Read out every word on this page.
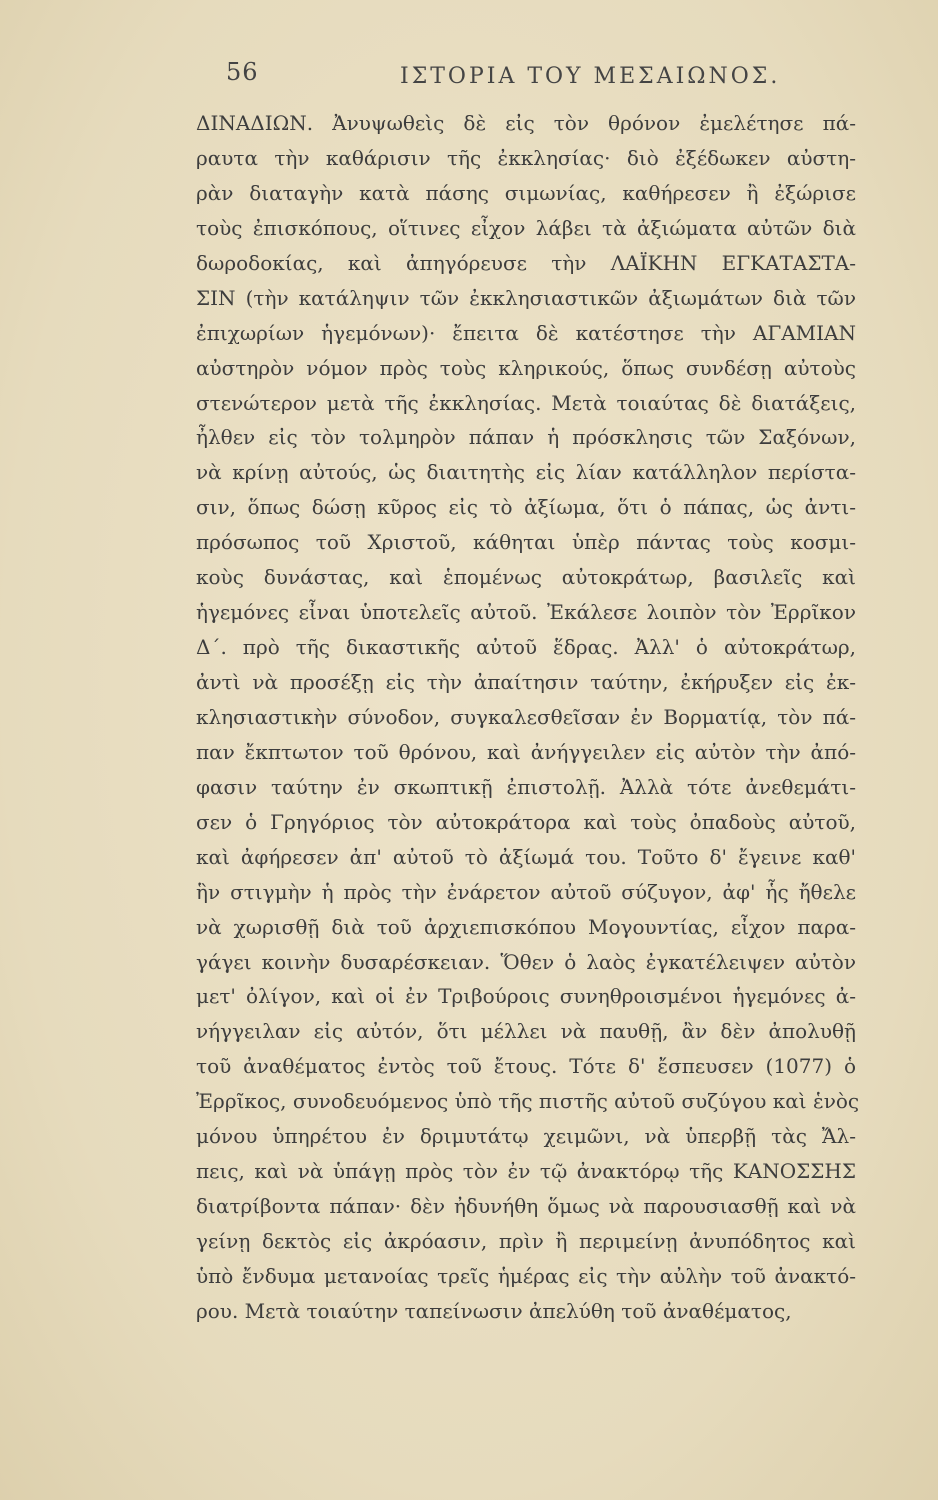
56	ΙΣΤΟΡΙΑ ΤΟΥ ΜΕΣΑΙΩΝΟΣ.
ΔΙΝΑΔΙΩΝ. Ἀνυψωθεὶς δὲ εἰς τὸν θρόνον ἐμελέτησε πά-
ραυτα τὴν καθάρισιν τῆς ἐκκλησίας· διὸ ἐξέδωκεν αὐστη-
ρὰν διαταγὴν κατὰ πάσης σιμωνίας, καθήρεσεν ἢ ἐξώρισε
τοὺς ἐπισκόπους, οἵτινες εἶχον λάβει τὰ ἀξιώματα αὐτῶν διὰ
δωροδοκίας, καὶ ἀπηγόρευσε τὴν ΛΑΪΚΗΝ ΕΓΚΑΤΑΣΤΑ-
ΣΙΝ (τὴν κατάληψιν τῶν ἐκκλησιαστικῶν ἀξιωμάτων διὰ τῶν
ἐπιχωρίων ἡγεμόνων)· ἔπειτα δὲ κατέστησε τὴν ΑΓΑΜΙΑΝ
αὐστηρὸν νόμον πρὸς τοὺς κληρικούς, ὅπως συνδέσῃ αὐτοὺς
στενώτερον μετὰ τῆς ἐκκλησίας. Μετὰ τοιαύτας δὲ διατάξεις,
ἦλθεν εἰς τὸν τολμηρὸν πάπαν ἡ πρόσκλησις τῶν Σαξόνων,
νὰ κρίνῃ αὐτούς, ὡς διαιτητὴς εἰς λίαν κατάλληλον περίστα-
σιν, ὅπως δώσῃ κῦρος εἰς τὸ ἀξίωμα, ὅτι ὁ πάπας, ὡς ἀντι-
πρόσωπος τοῦ Χριστοῦ, κάθηται ὑπὲρ πάντας τοὺς κοσμι-
κοὺς δυνάστας, καὶ ἑπομένως αὐτοκράτωρ, βασιλεῖς καὶ
ἡγεμόνες εἶναι ὑποτελεῖς αὐτοῦ. Ἐκάλεσε λοιπὸν τὸν Ἐρρῖκον
Δ΄. πρὸ τῆς δικαστικῆς αὐτοῦ ἕδρας. Ἀλλ' ὁ αὐτοκράτωρ,
ἀντὶ νὰ προσέξῃ εἰς τὴν ἀπαίτησιν ταύτην, ἐκήρυξεν εἰς ἐκ-
κλησιαστικὴν σύνοδον, συγκαλεσθεῖσαν ἐν Βορματίᾳ, τὸν πά-
παν ἔκπτωτον τοῦ θρόνου, καὶ ἀνήγγειλεν εἰς αὐτὸν τὴν ἀπό-
φασιν ταύτην ἐν σκωπτικῇ ἐπιστολῇ. Ἀλλὰ τότε ἀνεθεμάτι-
σεν ὁ Γρηγόριος τὸν αὐτοκράτορα καὶ τοὺς ὀπαδοὺς αὐτοῦ,
καὶ ἀφήρεσεν ἀπ' αὐτοῦ τὸ ἀξίωμά του. Τοῦτο δ' ἔγεινε καθ'
ἣν στιγμὴν ἡ πρὸς τὴν ἐνάρετον αὐτοῦ σύζυγον, ἀφ' ἧς ἤθελε
νὰ χωρισθῇ διὰ τοῦ ἀρχιεπισκόπου Μογουντίας, εἶχον παρα-
γάγει κοινὴν δυσαρέσκειαν. Ὅθεν ὁ λαὸς ἐγκατέλειψεν αὐτὸν
μετ' ὀλίγον, καὶ οἱ ἐν Τριβούροις συνηθροισμένοι ἡγεμόνες ἀ-
νήγγειλαν εἰς αὐτόν, ὅτι μέλλει νὰ παυθῇ, ἂν δὲν ἀπολυθῇ
τοῦ ἀναθέματος ἐντὸς τοῦ ἔτους. Τότε δ' ἔσπευσεν (1077) ὁ
Ἐρρῖκος, συνοδευόμενος ὑπὸ τῆς πιστῆς αὐτοῦ συζύγου καὶ ἑνὸς
μόνου ὑπηρέτου ἐν δριμυτάτῳ χειμῶνι, νὰ ὑπερβῇ τὰς Ἄλ-
πεις, καὶ νὰ ὑπάγῃ πρὸς τὸν ἐν τῷ ἀνακτόρῳ τῆς ΚΑΝΟΣΣΗΣ
διατρίβοντα πάπαν· δὲν ἠδυνήθη ὅμως νὰ παρουσιασθῇ καὶ νὰ
γείνῃ δεκτὸς εἰς ἀκρόασιν, πρὶν ἢ περιμείνῃ ἀνυπόδητος καὶ
ὑπὸ ἔνδυμα μετανοίας τρεῖς ἡμέρας εἰς τὴν αὐλὴν τοῦ ἀνακτό-
ρου. Μετὰ τοιαύτην ταπείνωσιν ἀπελύθη τοῦ ἀναθέματος,
